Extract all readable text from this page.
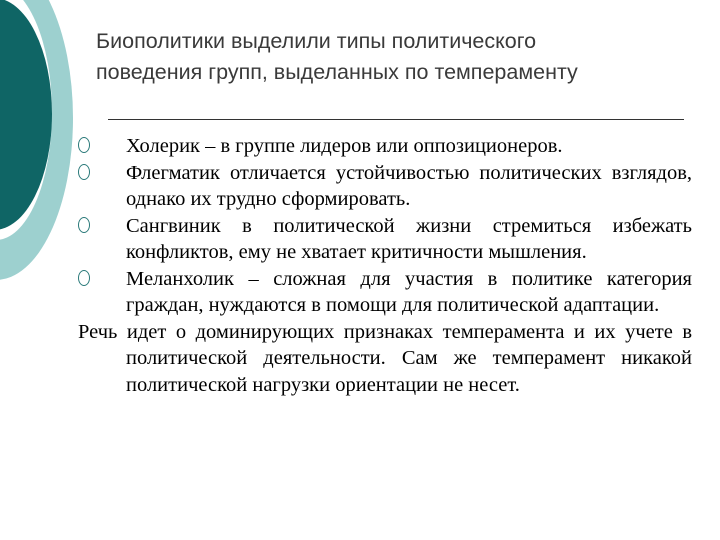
Биополитики выделили типы политического
поведения групп, выделанных по темпераменту
Холерик – в группе лидеров или оппозиционеров.
Флегматик отличается устойчивостью политических взглядов, однако их трудно сформировать.
Сангвиник в политической жизни стремиться избежать конфликтов, ему не хватает критичности мышления.
Меланхолик – сложная для участия в политике категория граждан, нуждаются в помощи для политической адаптации.
Речь идет о доминирующих признаках темперамента и их учете в политической деятельности. Сам же темперамент никакой политической нагрузки ориентации не несет.
